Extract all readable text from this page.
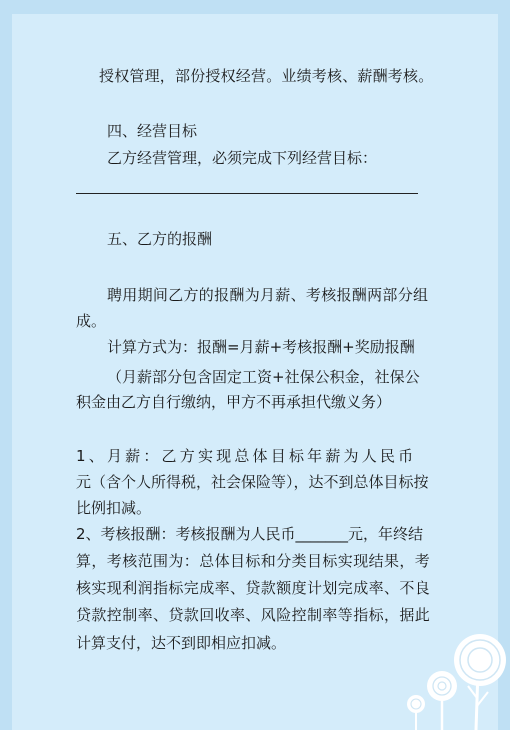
授权管理，部份授权经营。业绩考核、薪酬考核。
四、经营目标
乙方经营管理，必须完成下列经营目标：
五、乙方的报酬
聘用期间乙方的报酬为月薪、考核报酬两部分组
成。
计算方式为：报酬=月薪+考核报酬+奖励报酬
（月薪部分包含固定工资+社保公积金，社保公
积金由乙方自行缴纳，甲方不再承担代缴义务）
1、月薪：乙方实现总体目标年薪为人民币
元（含个人所得税，社会保险等），达不到总体目标按
比例扣减。
2、考核报酬：考核报酬为人民币_______元，年终结
算，考核范围为：总体目标和分类目标实现结果，考
核实现利润指标完成率、贷款额度计划完成率、不良
贷款控制率、贷款回收率、风险控制率等指标，据此
计算支付，达不到即相应扣减。
